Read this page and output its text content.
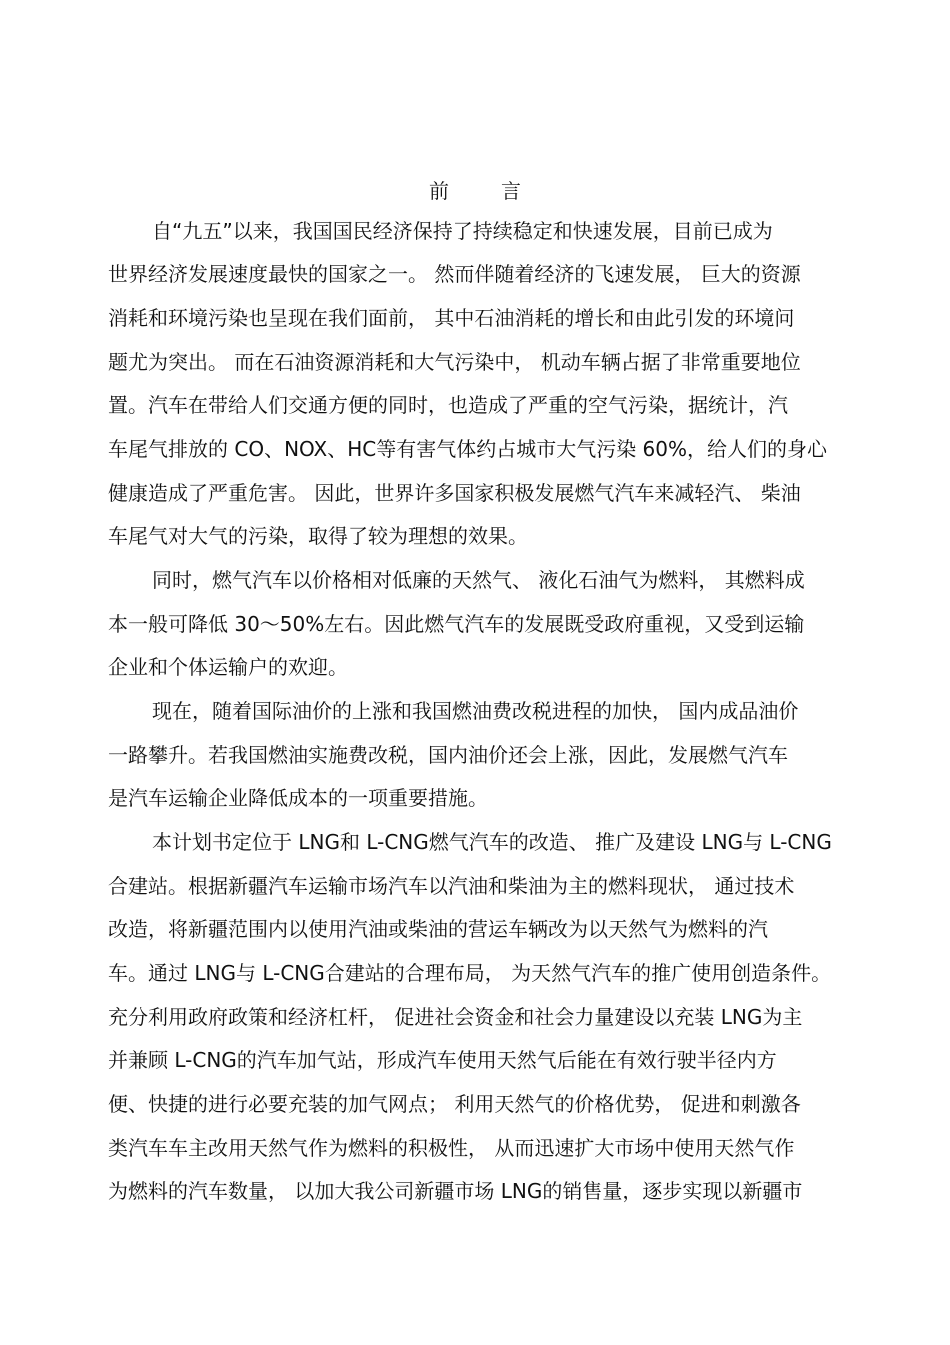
前言
自“九五”以来，我国国民经济保持了持续稳定和快速发展，目前已成为
世界经济发展速度最快的国家之一。 然而伴随着经济的飞速发展， 巨大的资源
消耗和环境污染也呈现在我们面前， 其中石油消耗的增长和由此引发的环境问
题尤为突出。 而在石油资源消耗和大气污染中， 机动车辆占据了非常重要地位
置。汽车在带给人们交通方便的同时，也造成了严重的空气污染，据统计，汽
车尾气排放的 CO、NOX、HC等有害气体约占城市大气污染 60%，给人们的身心
健康造成了严重危害。 因此，世界许多国家积极发展燃气汽车来减轻汽、 柴油
车尾气对大气的污染，取得了较为理想的效果。
同时，燃气汽车以价格相对低廉的天然气、 液化石油气为燃料， 其燃料成
本一般可降低 30～50%左右。因此燃气汽车的发展既受政府重视，又受到运输
企业和个体运输户的欢迎。
现在，随着国际油价的上涨和我国燃油费改税进程的加快， 国内成品油价
一路攀升。若我国燃油实施费改税，国内油价还会上涨，因此，发展燃气汽车
是汽车运输企业降低成本的一项重要措施。
本计划书定位于 LNG和 L-CNG燃气汽车的改造、 推广及建设 LNG与 L-CNG
合建站。根据新疆汽车运输市场汽车以汽油和柴油为主的燃料现状， 通过技术
改造，将新疆范围内以使用汽油或柴油的营运车辆改为以天然气为燃料的汽
车。通过 LNG与 L-CNG合建站的合理布局， 为天然气汽车的推广使用创造条件。
充分利用政府政策和经济杠杆， 促进社会资金和社会力量建设以充装 LNG为主
并兼顾 L-CNG的汽车加气站，形成汽车使用天然气后能在有效行驶半径内方
便、快捷的进行必要充装的加气网点； 利用天然气的价格优势， 促进和刺激各
类汽车车主改用天然气作为燃料的积极性， 从而迅速扩大市场中使用天然气作
为燃料的汽车数量， 以加大我公司新疆市场 LNG的销售量，逐步实现以新疆市
